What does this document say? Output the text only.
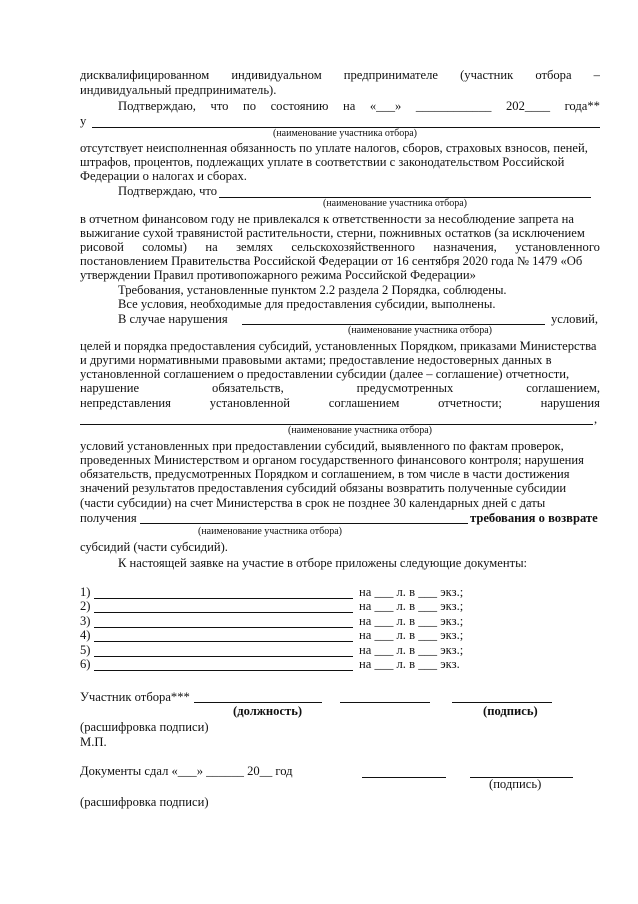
дисквалифицированном индивидуальном предпринимателе (участник отбора –
индивидуальный предприниматель).
Подтверждаю, что по состоянию на «___» ____________ 202____ года**
у
(наименование участника отбора)
отсутствует неисполненная обязанность по уплате налогов, сборов, страховых взносов, пеней,
штрафов, процентов, подлежащих уплате в соответствии с законодательством Российской
Федерации о налогах и сборах.
Подтверждаю, что
(наименование участника отбора)
в отчетном финансовом году не привлекался к ответственности за несоблюдение запрета на
выжигание сухой травянистой растительности, стерни, пожнивных остатков (за исключением
рисовой соломы) на землях сельскохозяйственного назначения, установленного
постановлением Правительства Российской Федерации от 16 сентября 2020 года № 1479 «Об
утверждении Правил противопожарного режима Российской Федерации»
Требования, установленные пунктом 2.2 раздела 2 Порядка, соблюдены.
Все условия, необходимые для предоставления субсидии, выполнены.
В случае нарушения	условий,
(наименование участника отбора)
целей и порядка предоставления субсидий, установленных Порядком, приказами Министерства
и другими нормативными правовыми актами; предоставление недостоверных данных в
установленной соглашением о предоставлении субсидии (далее – соглашение) отчетности,
нарушение	обязательств,	предусмотренных	соглашением,
непредставления	установленной	соглашением	отчетности;	нарушения
,
(наименование участника отбора)
условий установленных при предоставлении субсидий, выявленного по фактам проверок,
проведенных Министерством и органом государственного финансового контроля; нарушения
обязательств, предусмотренных Порядком и соглашением, в том числе в части достижения
значений результатов предоставления субсидий обязаны возвратить полученные субсидии
(части субсидии) на счет Министерства в срок не позднее 30 календарных дней с даты
получения	требования о возврате
(наименование участника отбора)
субсидий (части субсидий).
К настоящей заявке на участие в отборе приложены следующие документы:
1)	на ___ л. в ___ экз.;
2)	на ___ л. в ___ экз.;
3)	на ___ л. в ___ экз.;
4)	на ___ л. в ___ экз.;
5)	на ___ л. в ___ экз.;
6)	на ___ л. в ___ экз.
Участник отбора***
(должность)	(подпись)
(расшифровка подписи)
М.П.
Документы сдал «___» ______ 20__ год
(подпись)
(расшифровка подписи)
